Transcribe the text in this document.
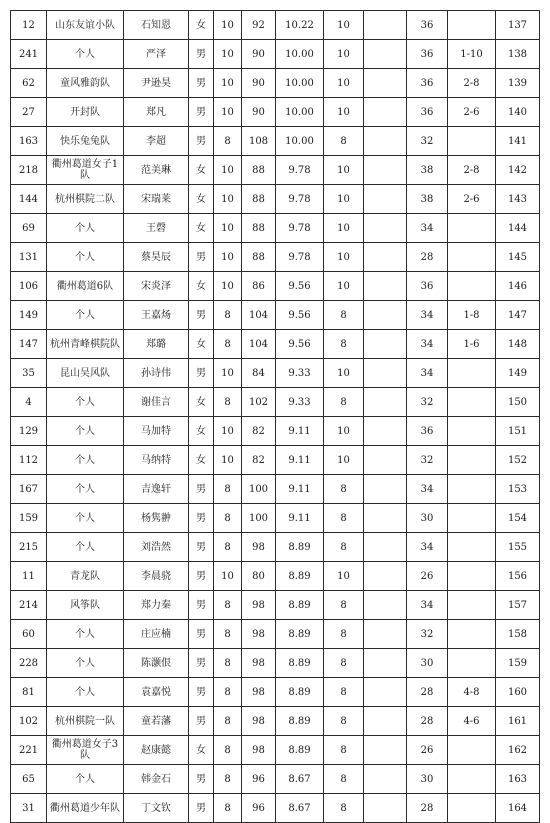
12	山东友谊小队	石知恩	女	10	92	10.22	10		36		137
241	个人	严泽	男	10	90	10.00	10		36	1-10	138
62	童风雅韵队	尹逊昊	男	10	90	10.00	10		36	2-8	139
27	开封队	郑凡	男	10	90	10.00	10		36	2-6	140
163	快乐兔兔队	李超	男	8	108	10.00	8		32		141
218	衢州葛道女子1队	范美琳	女	10	88	9.78	10		38	2-8	142
144	杭州棋院二队	宋瑞莱	女	10	88	9.78	10		38	2-6	143
69	个人	王磬	女	10	88	9.78	10		34		144
131	个人	蔡昊辰	男	10	88	9.78	10		28		145
106	衢州葛道6队	宋炎泽	女	10	86	9.56	10		36		146
149	个人	王嘉炀	男	8	104	9.56	8		34	1-8	147
147	杭州青峰棋院队	郑璐	女	8	104	9.56	8		34	1-6	148
35	昆山吴风队	孙诗伟	男	10	84	9.33	10		34		149
4	个人	谢佳言	女	8	102	9.33	8		32		150
129	个人	马加特	女	10	82	9.11	10		36		151
112	个人	马纳特	女	10	82	9.11	10		32		152
167	个人	吉逸轩	男	8	100	9.11	8		34		153
159	个人	杨隽翀	男	8	100	9.11	8		30		154
215	个人	刘浩然	男	8	98	8.89	8		34		155
11	青龙队	李晨骁	男	10	80	8.89	10		26		156
214	风筝队	郑力秦	男	8	98	8.89	8		34		157
60	个人	庄应楠	男	8	98	8.89	8		32		158
228	个人	陈灏佷	男	8	98	8.89	8		30		159
81	个人	袁嘉悦	男	8	98	8.89	8		28	4-8	160
102	杭州棋院一队	童若藩	男	8	98	8.89	8		28	4-6	161
221	衢州葛道女子3队	赵康懿	女	8	98	8.89	8		26		162
65	个人	韩金石	男	8	96	8.67	8		30		163
31	衢州葛道少年队	丁文钦	男	8	96	8.67	8		28		164
